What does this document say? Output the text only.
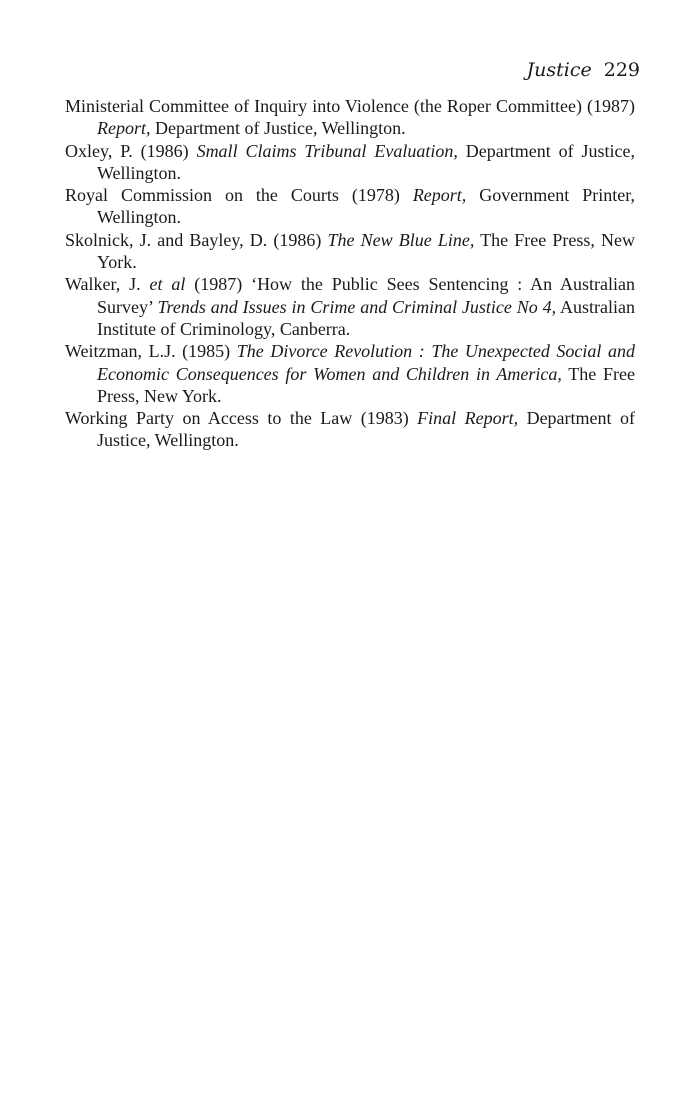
Justice 229
Ministerial Committee of Inquiry into Violence (the Roper Committee) (1987) Report, Department of Justice, Wellington.
Oxley, P. (1986) Small Claims Tribunal Evaluation, Department of Justice, Wellington.
Royal Commission on the Courts (1978) Report, Government Printer, Wellington.
Skolnick, J. and Bayley, D. (1986) The New Blue Line, The Free Press, New York.
Walker, J. et al (1987) ‘How the Public Sees Sentencing : An Australian Survey’ Trends and Issues in Crime and Criminal Justice No 4, Australian Institute of Criminology, Canberra.
Weitzman, L.J. (1985) The Divorce Revolution : The Unexpected Social and Economic Consequences for Women and Children in America, The Free Press, New York.
Working Party on Access to the Law (1983) Final Report, Department of Justice, Wellington.
